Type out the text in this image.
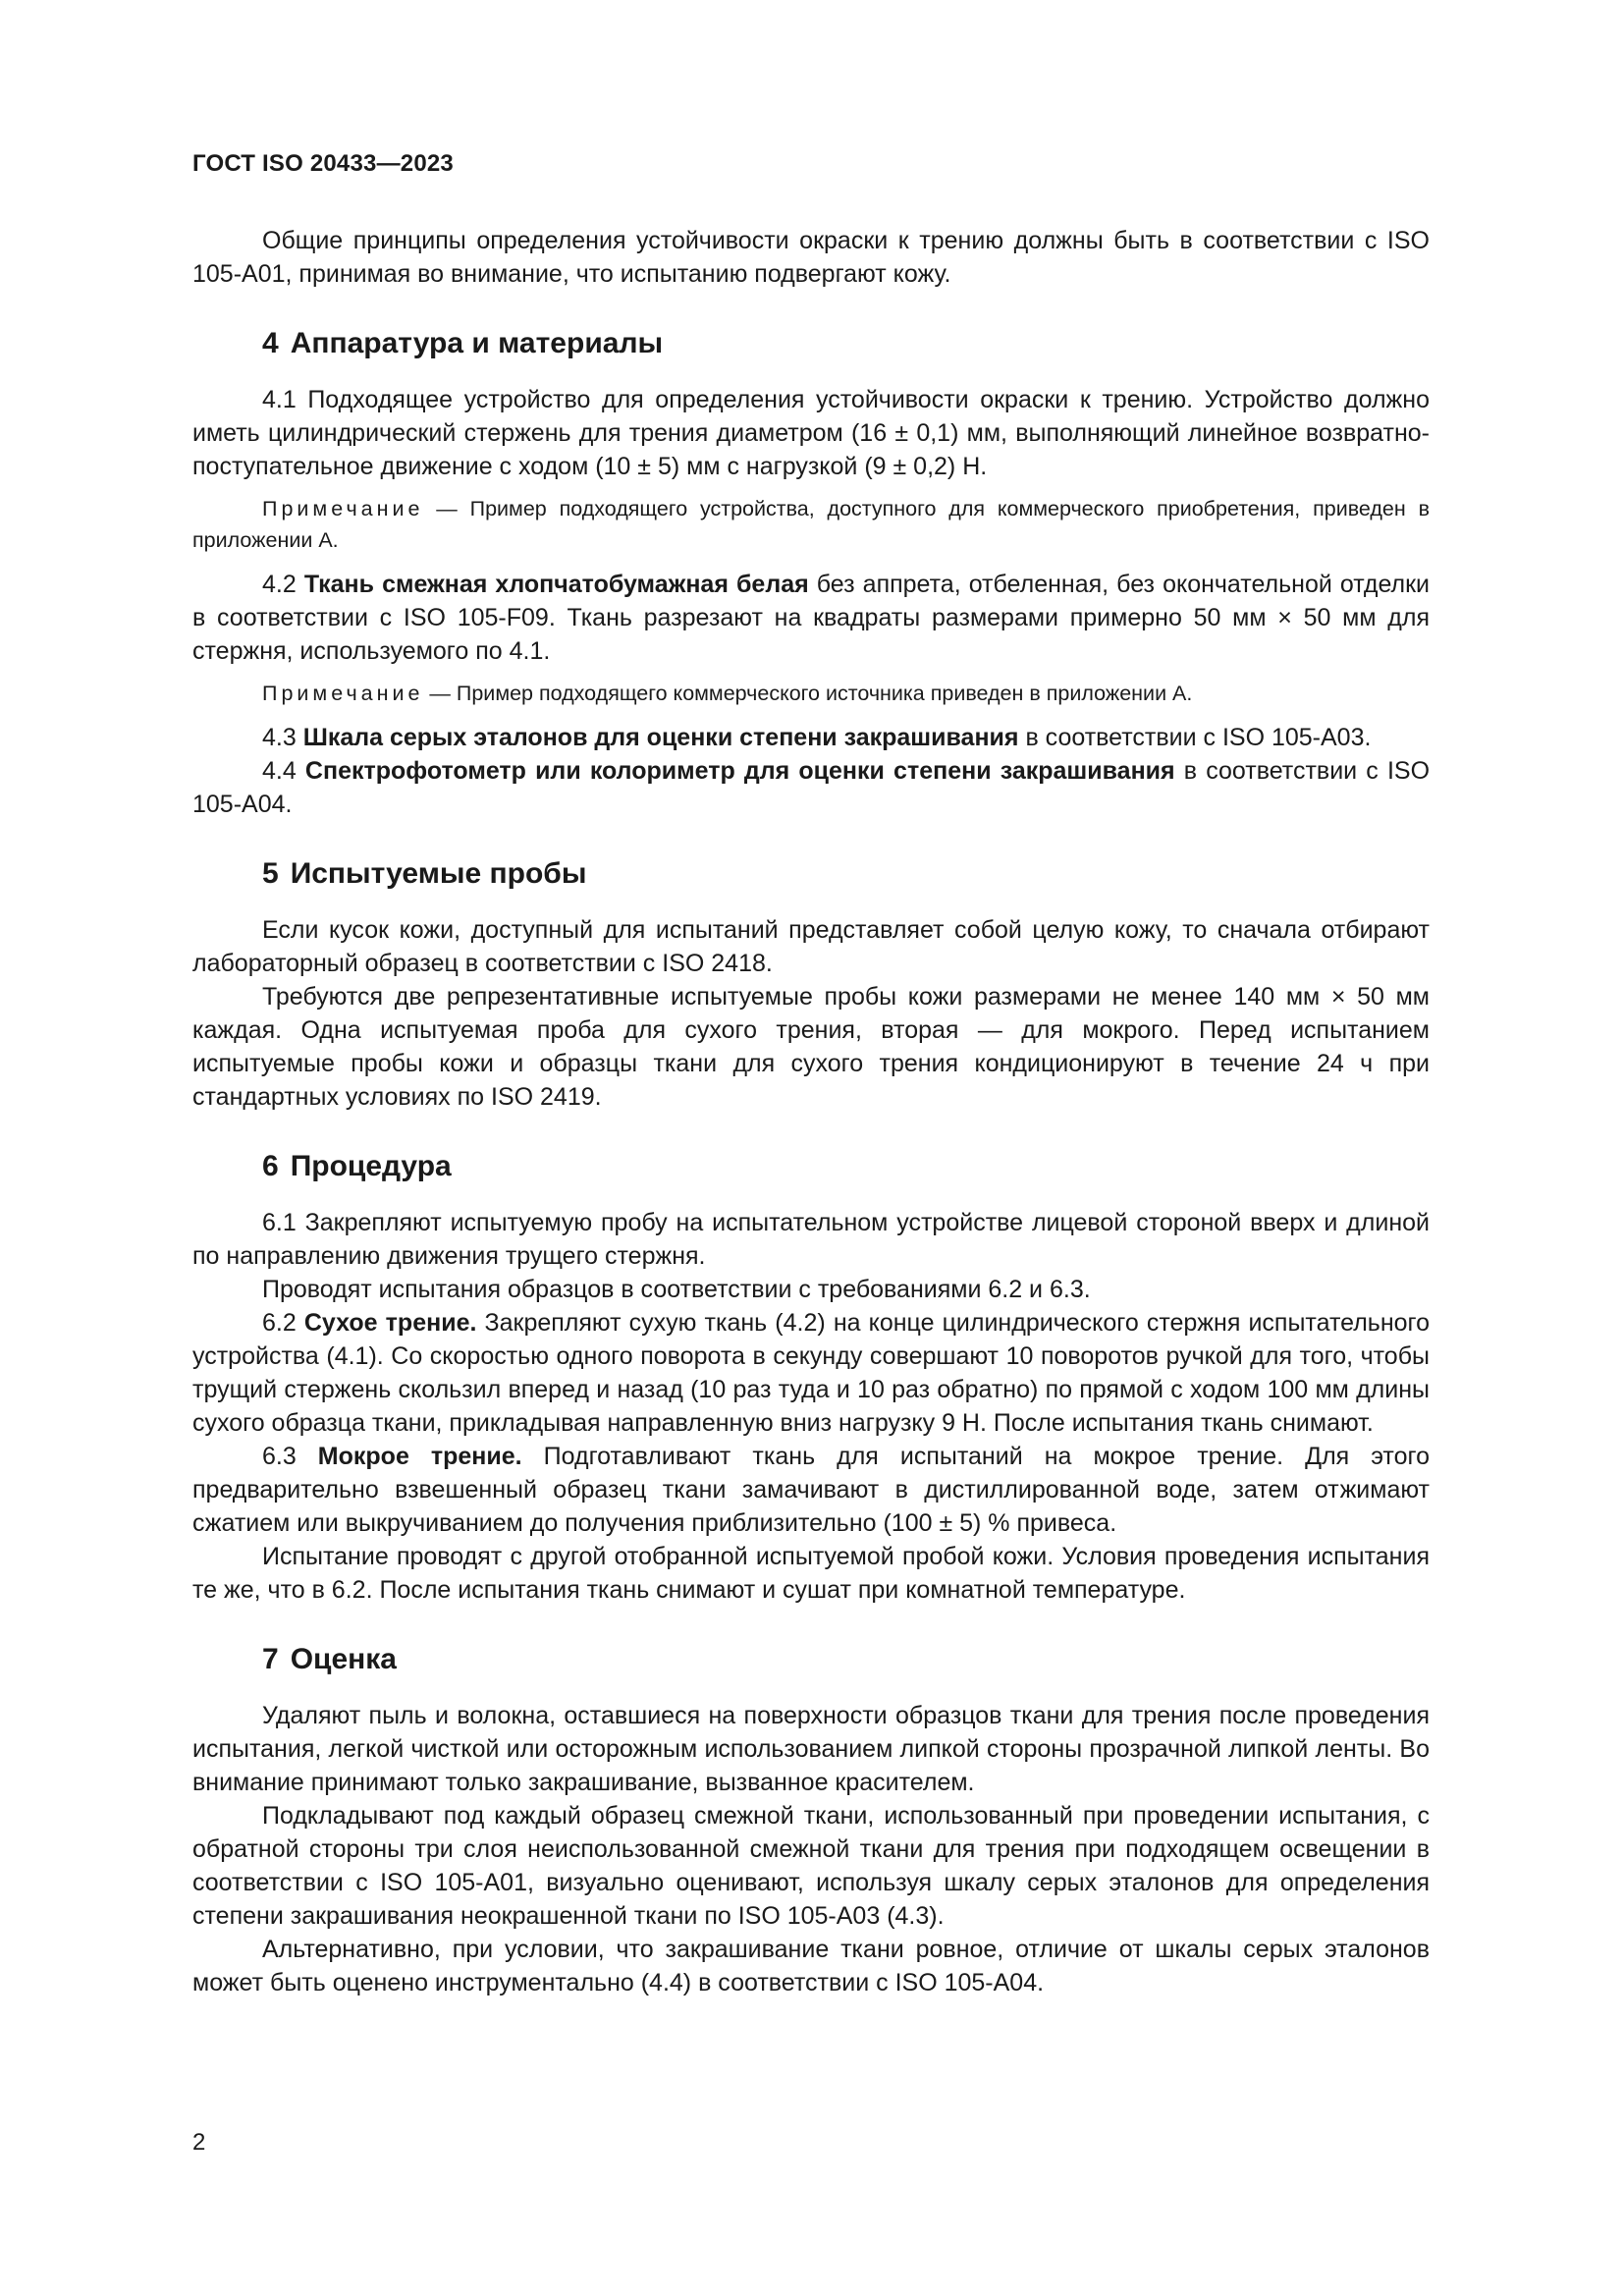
ГОСТ ISO 20433—2023

Общие принципы определения устойчивости окраски к трению должны быть в соответствии с ISO 105-A01, принимая во внимание, что испытанию подвергают кожу.

4 Аппаратура и материалы

4.1 Подходящее устройство для определения устойчивости окраски к трению. Устройство должно иметь цилиндрический стержень для трения диаметром (16 ± 0,1) мм, выполняющий линейное возвратно-поступательное движение с ходом (10 ± 5) мм с нагрузкой (9 ± 0,2) Н.

Примечание — Пример подходящего устройства, доступного для коммерческого приобретения, приведен в приложении А.

4.2 Ткань смежная хлопчатобумажная белая без аппрета, отбеленная, без окончательной отделки в соответствии с ISO 105-F09. Ткань разрезают на квадраты размерами примерно 50 мм × 50 мм для стержня, используемого по 4.1.

Примечание — Пример подходящего коммерческого источника приведен в приложении А.

4.3 Шкала серых эталонов для оценки степени закрашивания в соответствии с ISO 105-A03.

4.4 Спектрофотометр или колориметр для оценки степени закрашивания в соответствии с ISO 105-A04.

5 Испытуемые пробы

Если кусок кожи, доступный для испытаний представляет собой целую кожу, то сначала отбирают лабораторный образец в соответствии с ISO 2418.

Требуются две репрезентативные испытуемые пробы кожи размерами не менее 140 мм × 50 мм каждая. Одна испытуемая проба для сухого трения, вторая — для мокрого. Перед испытанием испытуемые пробы кожи и образцы ткани для сухого трения кондиционируют в течение 24 ч при стандартных условиях по ISO 2419.

6 Процедура

6.1 Закрепляют испытуемую пробу на испытательном устройстве лицевой стороной вверх и длиной по направлению движения трущего стержня.

Проводят испытания образцов в соответствии с требованиями 6.2 и 6.3.

6.2 Сухое трение. Закрепляют сухую ткань (4.2) на конце цилиндрического стержня испытательного устройства (4.1). Со скоростью одного поворота в секунду совершают 10 поворотов ручкой для того, чтобы трущий стержень скользил вперед и назад (10 раз туда и 10 раз обратно) по прямой с ходом 100 мм длины сухого образца ткани, прикладывая направленную вниз нагрузку 9 Н. После испытания ткань снимают.

6.3 Мокрое трение. Подготавливают ткань для испытаний на мокрое трение. Для этого предварительно взвешенный образец ткани замачивают в дистиллированной воде, затем отжимают сжатием или выкручиванием до получения приблизительно (100 ± 5) % привеса.

Испытание проводят с другой отобранной испытуемой пробой кожи. Условия проведения испытания те же, что в 6.2. После испытания ткань снимают и сушат при комнатной температуре.

7 Оценка

Удаляют пыль и волокна, оставшиеся на поверхности образцов ткани для трения после проведения испытания, легкой чисткой или осторожным использованием липкой стороны прозрачной липкой ленты. Во внимание принимают только закрашивание, вызванное красителем.

Подкладывают под каждый образец смежной ткани, использованный при проведении испытания, с обратной стороны три слоя неиспользованной смежной ткани для трения при подходящем освещении в соответствии с ISO 105-A01, визуально оценивают, используя шкалу серых эталонов для определения степени закрашивания неокрашенной ткани по ISO 105-A03 (4.3).

Альтернативно, при условии, что закрашивание ткани ровное, отличие от шкалы серых эталонов может быть оценено инструментально (4.4) в соответствии с ISO 105-A04.

2
